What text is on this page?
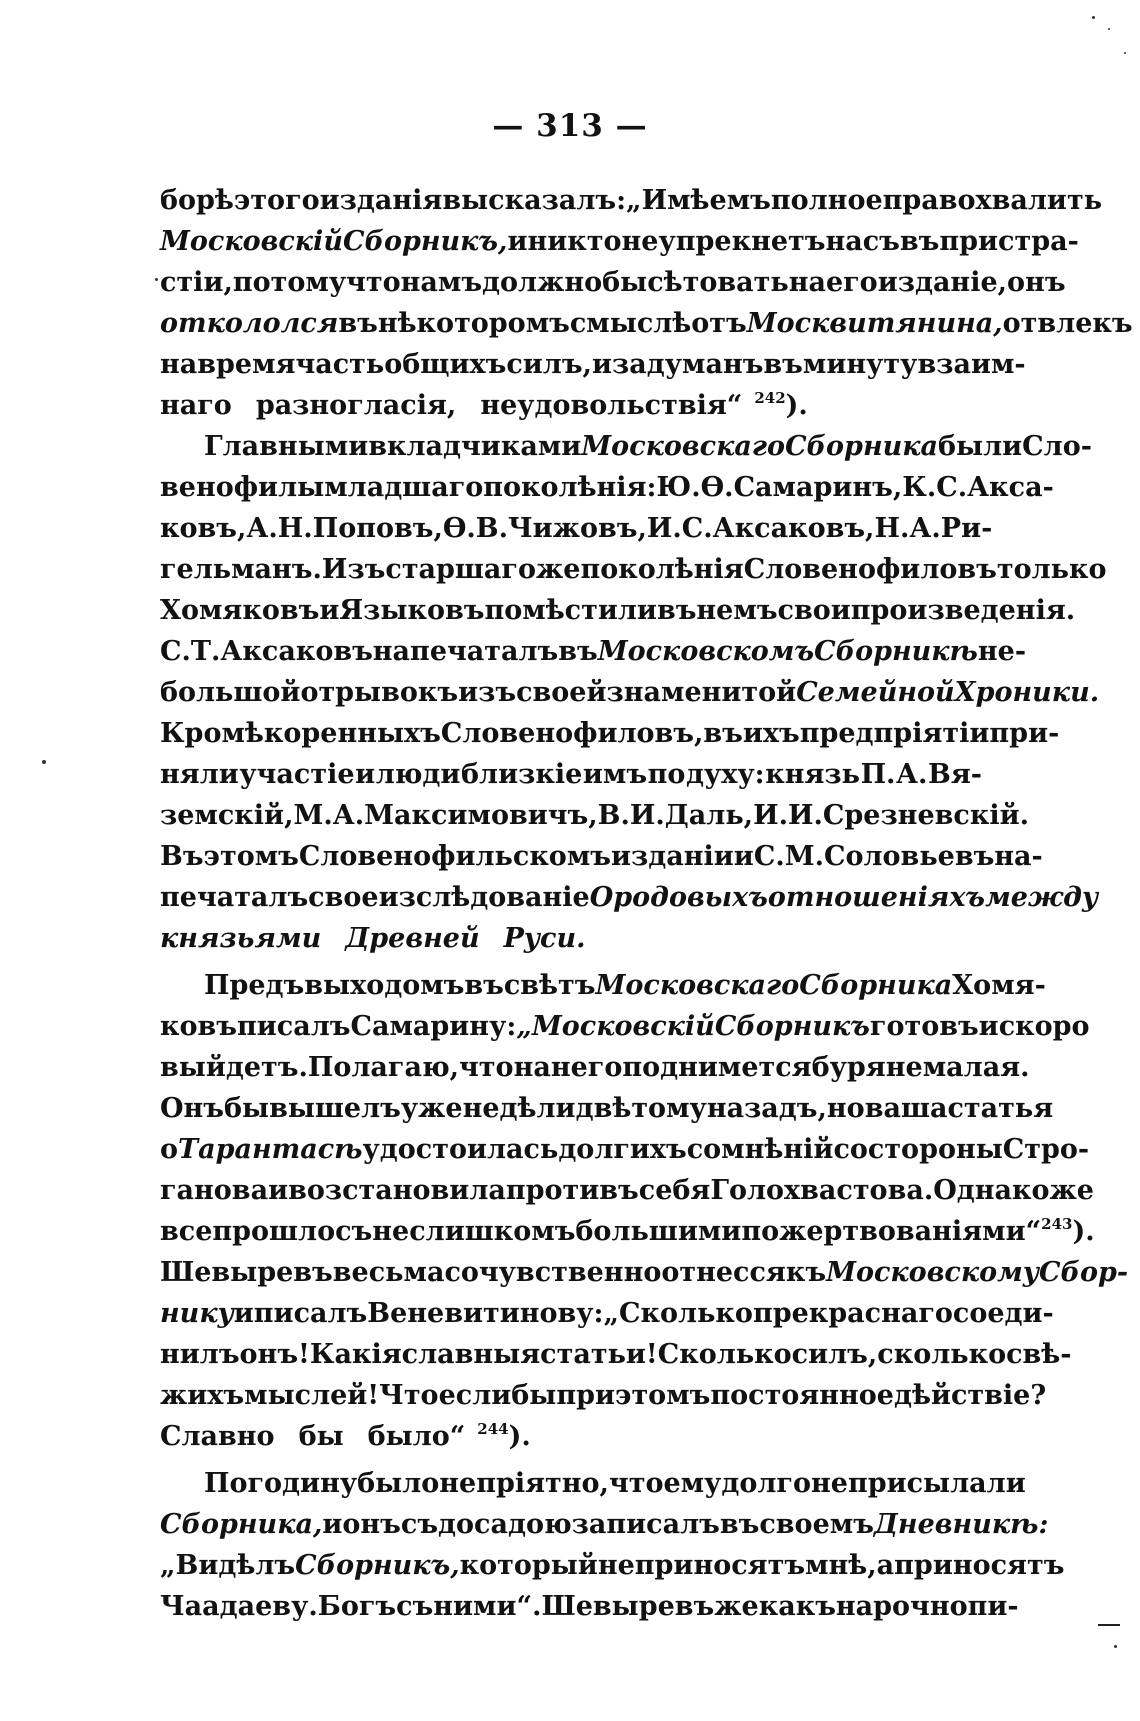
— 313 —
борѣ этого изданія высказалъ: „Имѣемъ полное право хвалить
Московскій Сборникъ, и никто не упрекнетъ насъ въ пристра-
стіи, потому что намъ должно бы сѣтовать на его изданіе, онъ
откололся въ нѣкоторомъ смыслѣ отъ Москвитянина, отвлекъ
на время часть общихъ силъ, и задуманъ въ минуту взаим-
наго разногласія, неудовольствія“ $^{242}$).
Главными вкладчиками Московскаго Сборника были Сло-
венофилы младшаго поколѣнія: Ю. Ѳ. Самаринъ, К. С. Акса-
ковъ, А. Н. Поповъ, Ѳ. В. Чижовъ, И. С. Аксаковъ, Н. А. Ри-
гельманъ. Изъ старшаго же поколѣнія Словенофиловъ только
Хомяковъ и Языковъ помѣстили въ немъ свои произведенія.
С. Т. Аксаковъ напечаталъ въ Московскомъ Сборникѣ не-
большой отрывокъ изъ своей знаменитой Семейной Хроники.
Кромѣ коренныхъ Словенофиловъ, въ ихъ предпріятіи при-
няли участіе и люди близкіе имъ по духу: князь П. А. Вя-
земскій, М. А. Максимовичъ, В. И. Даль, И. И. Срезневскій.
Въ этомъ Словенофильскомъ изданіи и С. М. Соловьевъ на-
печаталъ свое изслѣдованіе О родовыхъ отношеніяхъ между
князьями Древней Руси.
Предъ выходомъ въ свѣтъ Московскаго Сборника Хомя-
ковъ писалъ Самарину: „Московскій Сборникъ готовъ и скоро
выйдетъ. Полагаю, что на него поднимется буря не малая.
Онъ бы вышелъ уже недѣли двѣ тому назадъ, но ваша статья
о Тарантасѣ удостоилась долгихъ сомнѣній со стороны Стро-
ганова и возстановила противъ себя Голохвастова. Однакоже
все прошло съ не слишкомъ большими пожертвованіями“$^{243}$).
Шевыревъ весьма сочувственно отнесся къ Московскому Сбор-
нику и писалъ Веневитинову: „Сколько прекраснаго соеди-
нилъ онъ! Какія славныя статьи! Сколько силъ, сколько свѣ-
жихъ мыслей! Что еслибы при этомъ постоянное дѣйствіе?
Славно бы было“ $^{244}$).
Погодину было непріятно, что ему долго не присылали
Сборника, и онъ съ досадою записалъ въ своемъ Дневникѣ:
„Видѣлъ Сборникъ, который не приносятъ мнѣ, а приносятъ
Чаадаеву. Богъ съ ними“. Шевыревъ же какъ нарочно пи-
